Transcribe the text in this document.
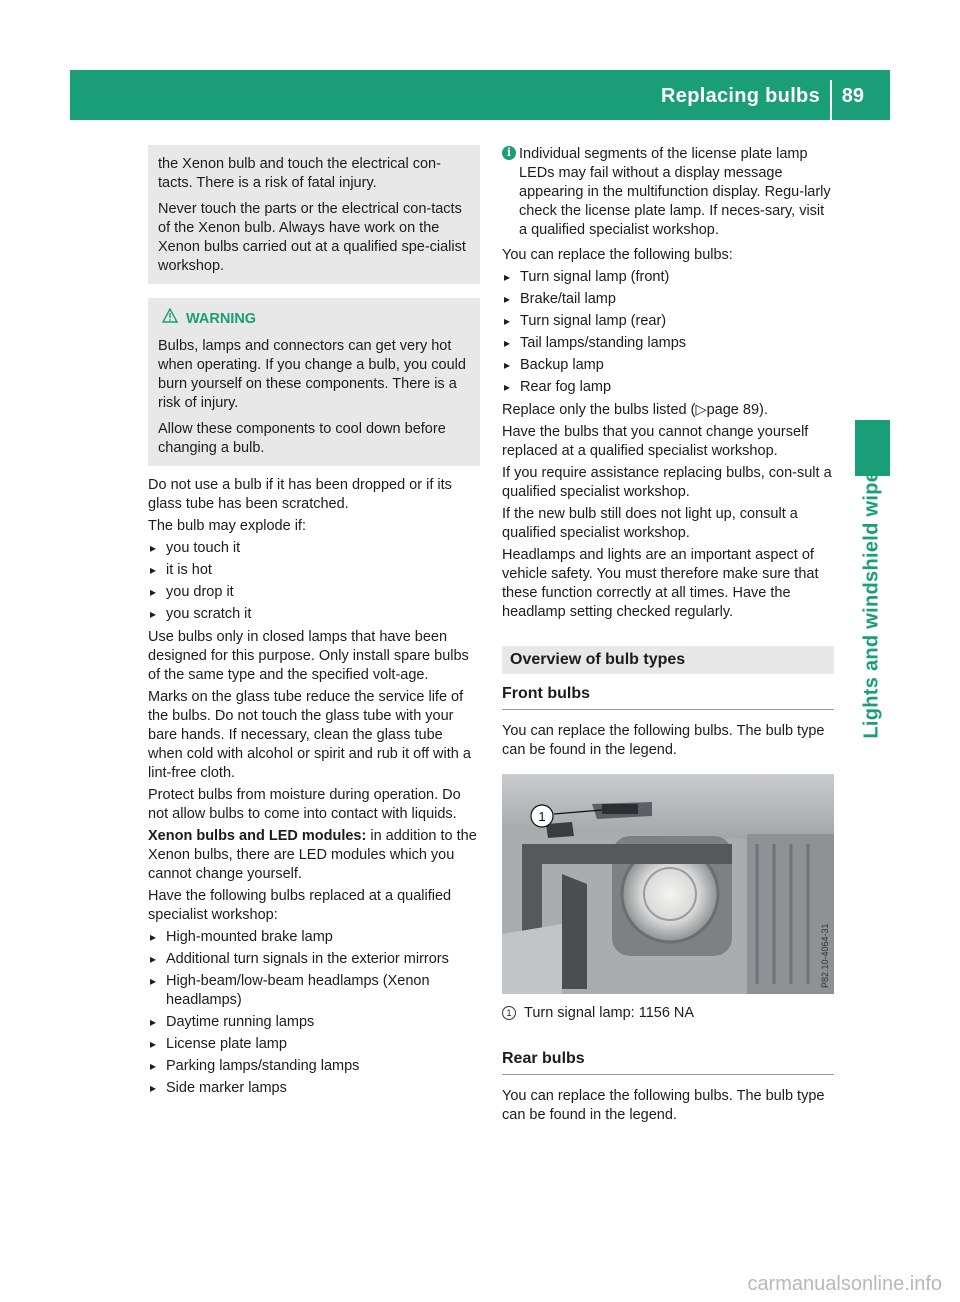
Replacing bulbs 89
Lights and windshield wipers

the Xenon bulb and touch the electrical con-tacts. There is a risk of fatal injury.

Never touch the parts or the electrical con-tacts of the Xenon bulb. Always have work on the Xenon bulbs carried out at a qualified spe-cialist workshop.

WARNING

Bulbs, lamps and connectors can get very hot when operating. If you change a bulb, you could burn yourself on these components. There is a risk of injury.

Allow these components to cool down before changing a bulb.

Do not use a bulb if it has been dropped or if its glass tube has been scratched.

The bulb may explode if:

▸ you touch it
▸ it is hot
▸ you drop it
▸ you scratch it

Use bulbs only in closed lamps that have been designed for this purpose. Only install spare bulbs of the same type and the specified volt-age.

Marks on the glass tube reduce the service life of the bulbs. Do not touch the glass tube with your bare hands. If necessary, clean the glass tube when cold with alcohol or spirit and rub it off with a lint-free cloth.

Protect bulbs from moisture during operation. Do not allow bulbs to come into contact with liquids.

Xenon bulbs and LED modules: in addition to the Xenon bulbs, there are LED modules which you cannot change yourself.

Have the following bulbs replaced at a qualified specialist workshop:

▸ High-mounted brake lamp
▸ Additional turn signals in the exterior mirrors
▸ High-beam/low-beam headlamps (Xenon headlamps)
▸ Daytime running lamps
▸ License plate lamp
▸ Parking lamps/standing lamps
▸ Side marker lamps
i Individual segments of the license plate lamp LEDs may fail without a display message appearing in the multifunction display. Regu-larly check the license plate lamp. If neces-sary, visit a qualified specialist workshop.

You can replace the following bulbs:

▸ Turn signal lamp (front)
▸ Brake/tail lamp
▸ Turn signal lamp (rear)
▸ Tail lamps/standing lamps
▸ Backup lamp
▸ Rear fog lamp

Replace only the bulbs listed (▷page 89).

Have the bulbs that you cannot change yourself replaced at a qualified specialist workshop.

If you require assistance replacing bulbs, con-sult a qualified specialist workshop.

If the new bulb still does not light up, consult a qualified specialist workshop.

Headlamps and lights are an important aspect of vehicle safety. You must therefore make sure that these function correctly at all times. Have the headlamp setting checked regularly.

Overview of bulb types
Front bulbs

You can replace the following bulbs. The bulb type can be found in the legend.

1
P82.10-4064-31
1 Turn signal lamp: 1156 NA
Rear bulbs

You can replace the following bulbs. The bulb type can be found in the legend.

carmanualsonline.info
